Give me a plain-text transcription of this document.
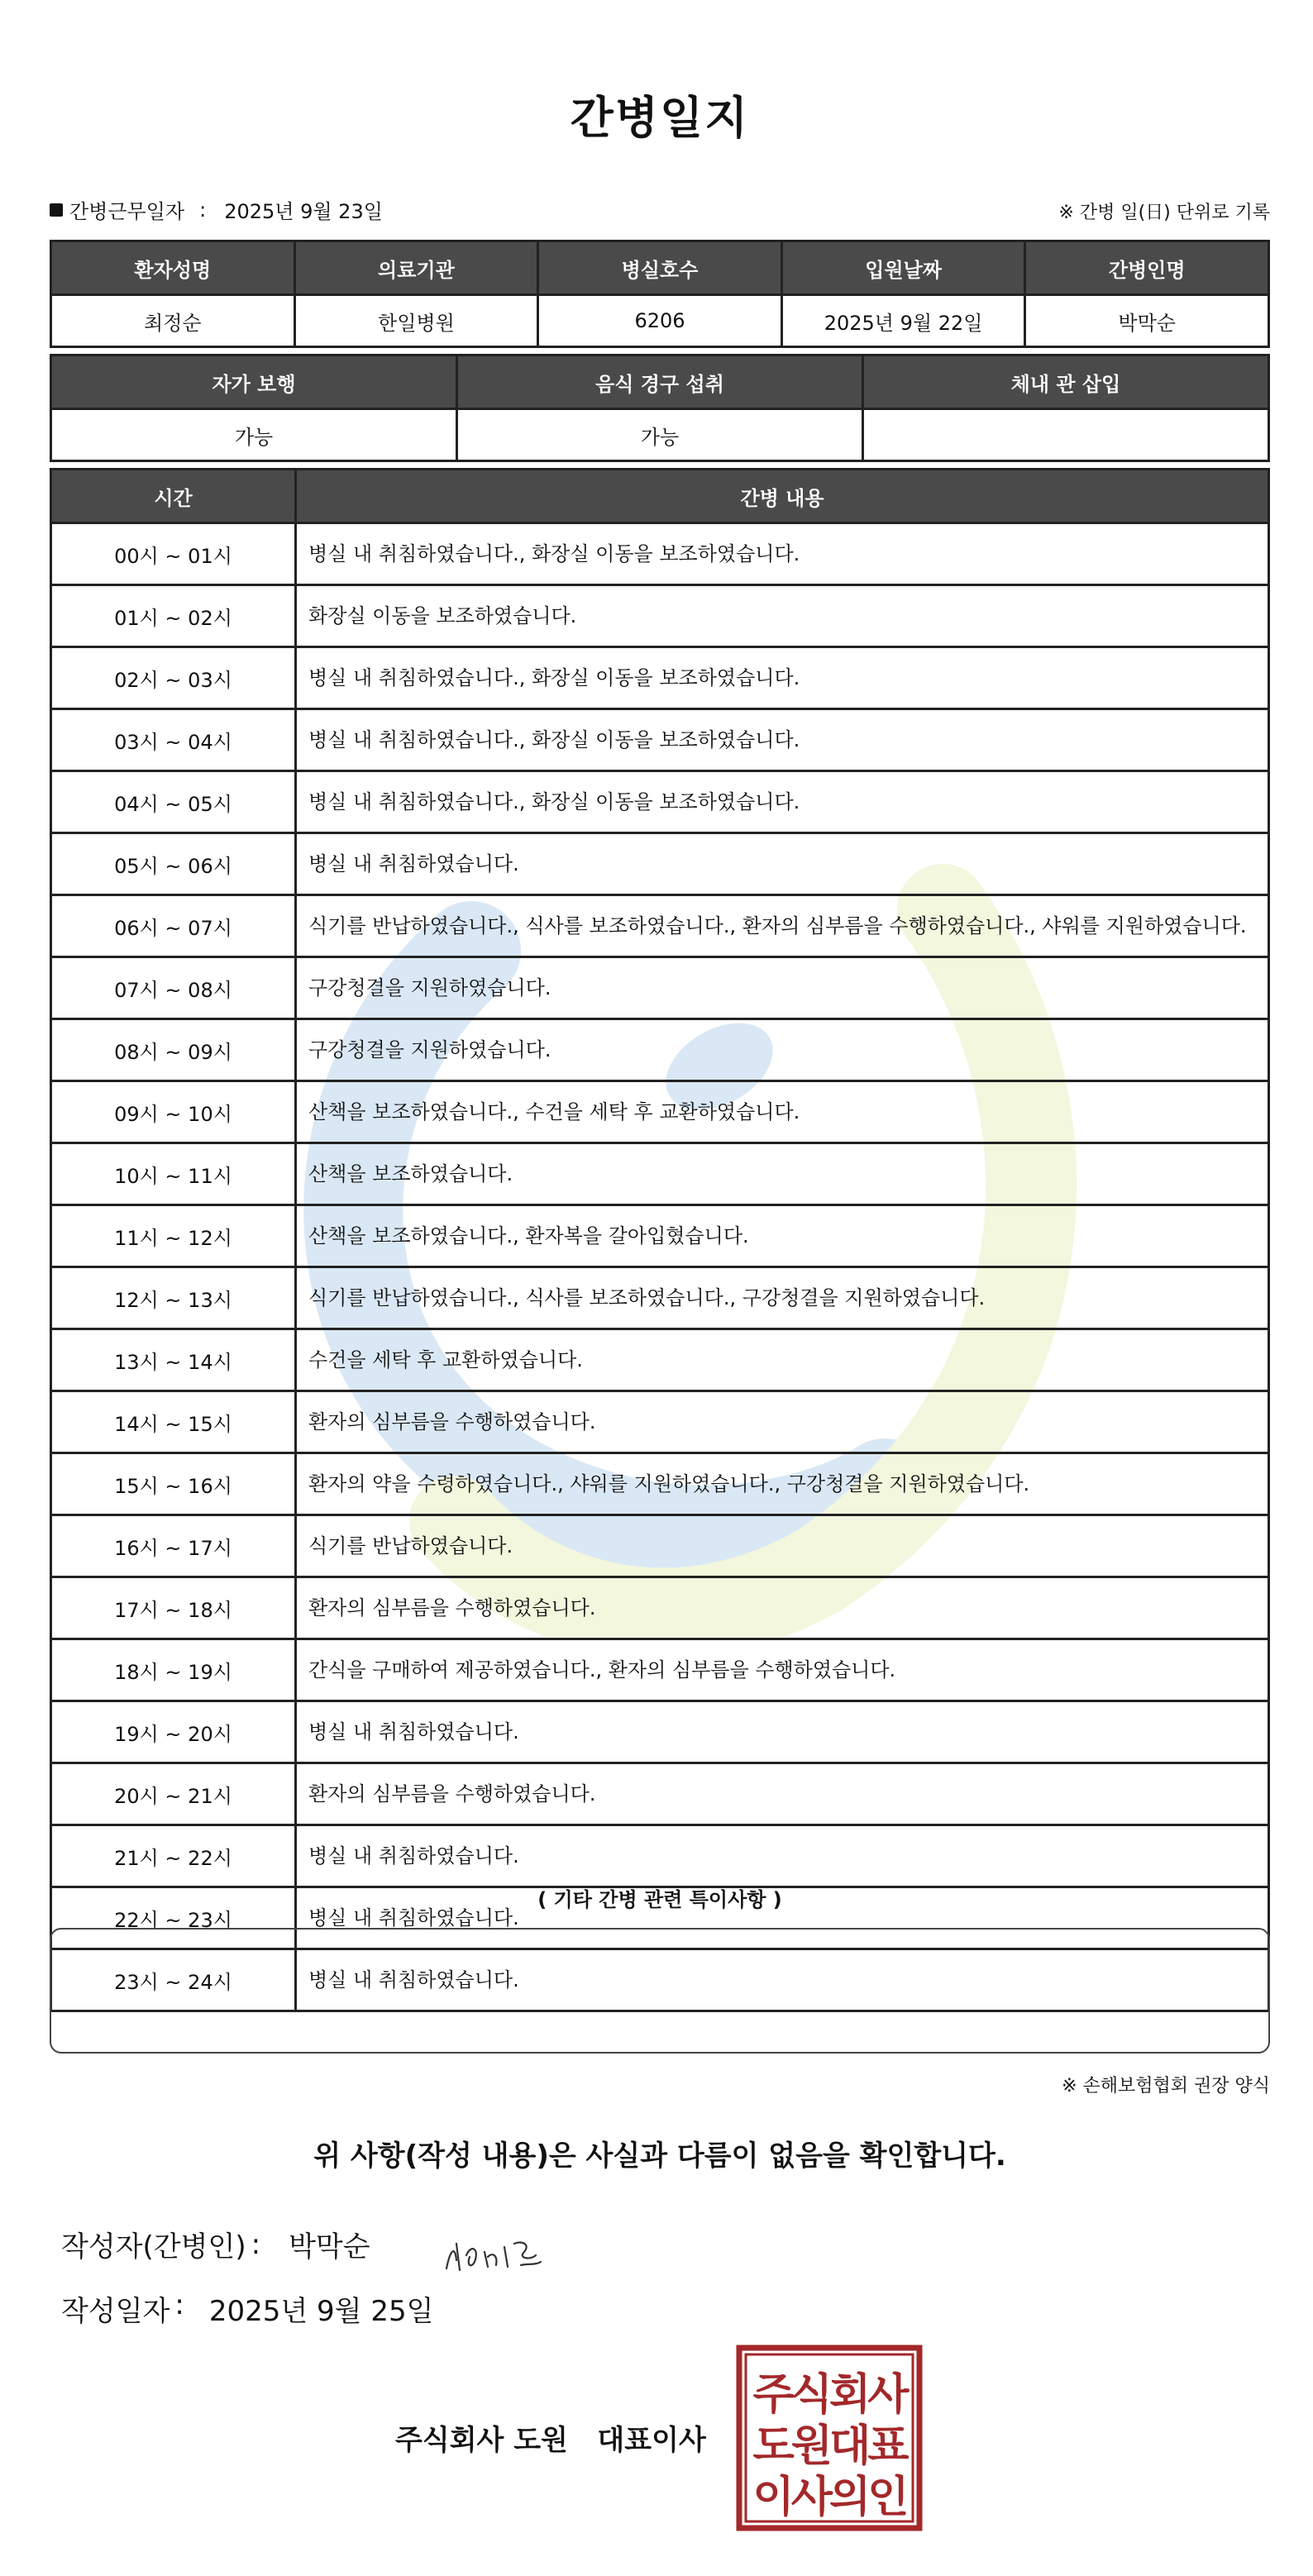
간병일지
간병근무일자 : 2025년 9월 23일	※ 간병 일(日) 단위로 기록
환자성명	의료기관	병실호수	입원날짜	간병인명
최정순	한일병원	6206	2025년 9월 22일	박막순
자가 보행	음식 경구 섭취	체내 관 삽입
가능	가능	
시간	간병 내용
00시 ~ 01시	병실 내 취침하였습니다., 화장실 이동을 보조하였습니다.
01시 ~ 02시	화장실 이동을 보조하였습니다.
02시 ~ 03시	병실 내 취침하였습니다., 화장실 이동을 보조하였습니다.
03시 ~ 04시	병실 내 취침하였습니다., 화장실 이동을 보조하였습니다.
04시 ~ 05시	병실 내 취침하였습니다., 화장실 이동을 보조하였습니다.
05시 ~ 06시	병실 내 취침하였습니다.
06시 ~ 07시	식기를 반납하였습니다., 식사를 보조하였습니다., 환자의 심부름을 수행하였습니다., 샤워를 지원하였습니다.
07시 ~ 08시	구강청결을 지원하였습니다.
08시 ~ 09시	구강청결을 지원하였습니다.
09시 ~ 10시	산책을 보조하였습니다., 수건을 세탁 후 교환하였습니다.
10시 ~ 11시	산책을 보조하였습니다.
11시 ~ 12시	산책을 보조하였습니다., 환자복을 갈아입혔습니다.
12시 ~ 13시	식기를 반납하였습니다., 식사를 보조하였습니다., 구강청결을 지원하였습니다.
13시 ~ 14시	수건을 세탁 후 교환하였습니다.
14시 ~ 15시	환자의 심부름을 수행하였습니다.
15시 ~ 16시	환자의 약을 수령하였습니다., 샤워를 지원하였습니다., 구강청결을 지원하였습니다.
16시 ~ 17시	식기를 반납하였습니다.
17시 ~ 18시	환자의 심부름을 수행하였습니다.
18시 ~ 19시	간식을 구매하여 제공하였습니다., 환자의 심부름을 수행하였습니다.
19시 ~ 20시	병실 내 취침하였습니다.
20시 ~ 21시	환자의 심부름을 수행하였습니다.
21시 ~ 22시	병실 내 취침하였습니다.
22시 ~ 23시	병실 내 취침하였습니다.
23시 ~ 24시	병실 내 취침하였습니다.
( 기타 간병 관련 특이사항 )
※ 손해보험협회 권장 양식
위 사항(작성 내용)은 사실과 다름이 없음을 확인합니다.
작성자(간병인) : 박막순
작성일자 : 2025년 9월 25일
주식회사 도원   대표이사
주식회사
도원대표
이사의인
